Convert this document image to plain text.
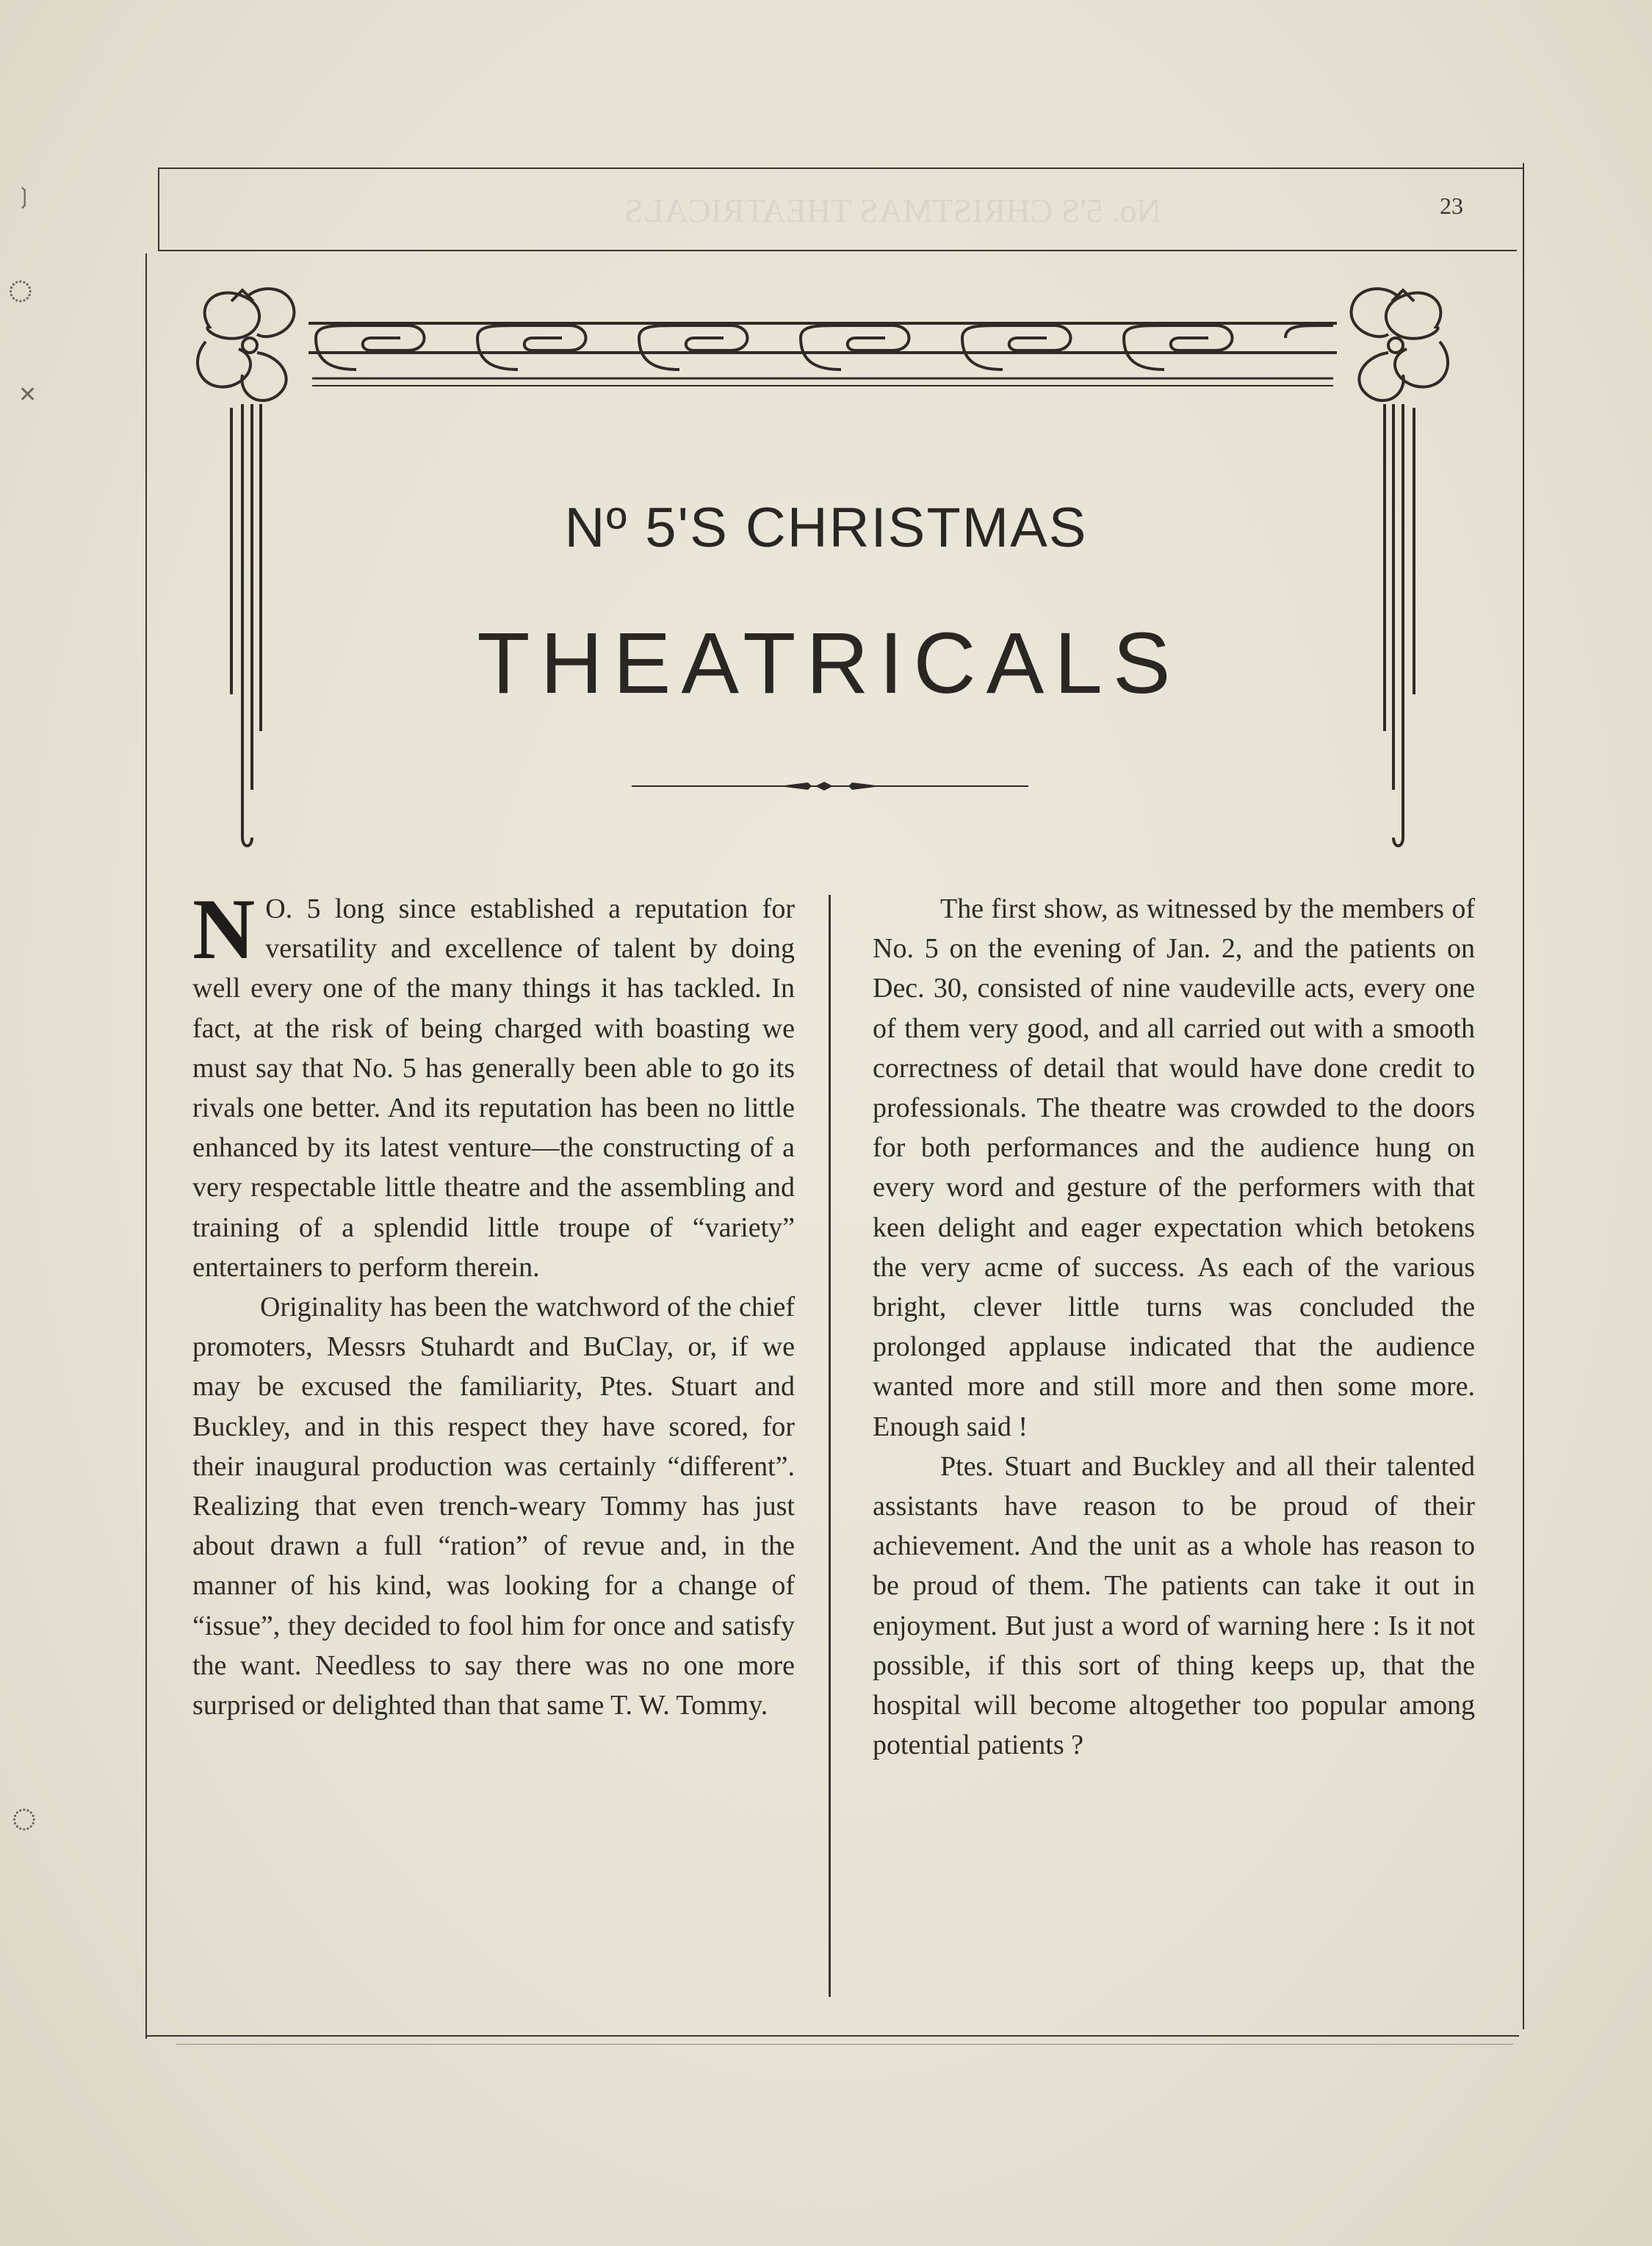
23
No. 5'S CHRISTMAS THEATRICALS
Nº 5'S CHRISTMAS
THEATRICALS

N O. 5 long since established a reputation for versatility and excellence of talent by doing well every one of the many things it has tackled. In fact, at the risk of being charged with boasting we must say that No. 5 has generally been able to go its rivals one better. And its reputation has been no little enhanced by its latest venture—the constructing of a very respectable little theatre and the assembling and training of a splendid little troupe of “variety” entertainers to perform therein.

Originality has been the watchword of the chief promoters, Messrs Stuhardt and BuClay, or, if we may be excused the familiarity, Ptes. Stuart and Buckley, and in this respect they have scored, for their inaugural production was certainly “different”. Realizing that even trench-weary Tommy has just about drawn a full “ration” of revue and, in the manner of his kind, was looking for a change of “issue”, they decided to fool him for once and satisfy the want. Needless to say there was no one more surprised or delighted than that same T. W. Tommy.

The first show, as witnessed by the members of No. 5 on the evening of Jan. 2, and the patients on Dec. 30, consisted of nine vaudeville acts, every one of them very good, and all carried out with a smooth correctness of detail that would have done credit to professionals. The theatre was crowded to the doors for both performances and the audience hung on every word and gesture of the performers with that keen delight and eager expectation which betokens the very acme of success. As each of the various bright, clever little turns was concluded the prolonged applause indicated that the audience wanted more and still more and then some more. Enough said !

Ptes. Stuart and Buckley and all their talented assistants have reason to be proud of their achievement. And the unit as a whole has reason to be proud of them. The patients can take it out in enjoyment. But just a word of warning here : Is it not possible, if this sort of thing keeps up, that the hospital will become altogether too popular among potential patients ?

❳
◌
✕
◌
